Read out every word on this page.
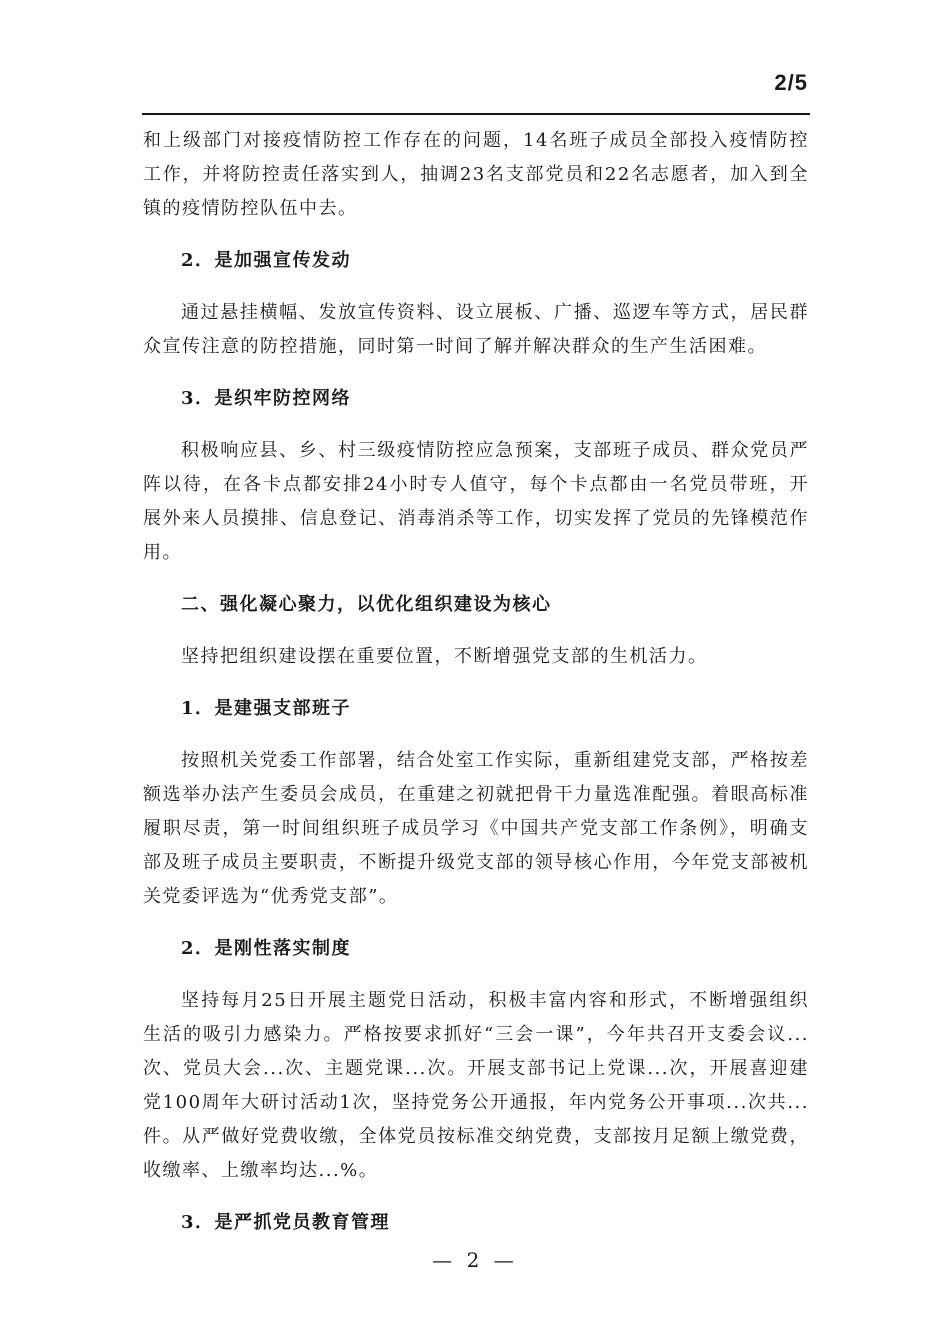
2/5

和上级部门对接疫情防控工作存在的问题，14名班子成员全部投入疫情防控工作，并将防控责任落实到人，抽调23名支部党员和22名志愿者，加入到全镇的疫情防控队伍中去。

2．是加强宣传发动

通过悬挂横幅、发放宣传资料、设立展板、广播、巡逻车等方式，居民群众宣传注意的防控措施，同时第一时间了解并解决群众的生产生活困难。

3．是织牢防控网络

积极响应县、乡、村三级疫情防控应急预案，支部班子成员、群众党员严阵以待，在各卡点都安排24小时专人值守，每个卡点都由一名党员带班，开展外来人员摸排、信息登记、消毒消杀等工作，切实发挥了党员的先锋模范作用。

二、强化凝心聚力，以优化组织建设为核心

坚持把组织建设摆在重要位置，不断增强党支部的生机活力。

1．是建强支部班子

按照机关党委工作部署，结合处室工作实际，重新组建党支部，严格按差额选举办法产生委员会成员，在重建之初就把骨干力量选准配强。着眼高标准履职尽责，第一时间组织班子成员学习《中国共产党支部工作条例》，明确支部及班子成员主要职责，不断提升级党支部的领导核心作用，今年党支部被机关党委评选为“优秀党支部”。

2．是刚性落实制度

坚持每月25日开展主题党日活动，积极丰富内容和形式，不断增强组织生活的吸引力感染力。严格按要求抓好“三会一课”，今年共召开支委会议...次、党员大会...次、主题党课...次。开展支部书记上党课...次，开展喜迎建党100周年大研讨活动1次，坚持党务公开通报，年内党务公开事项...次共...件。从严做好党费收缴，全体党员按标准交纳党费，支部按月足额上缴党费，收缴率、上缴率均达...%。

3．是严抓党员教育管理
— 2 —
